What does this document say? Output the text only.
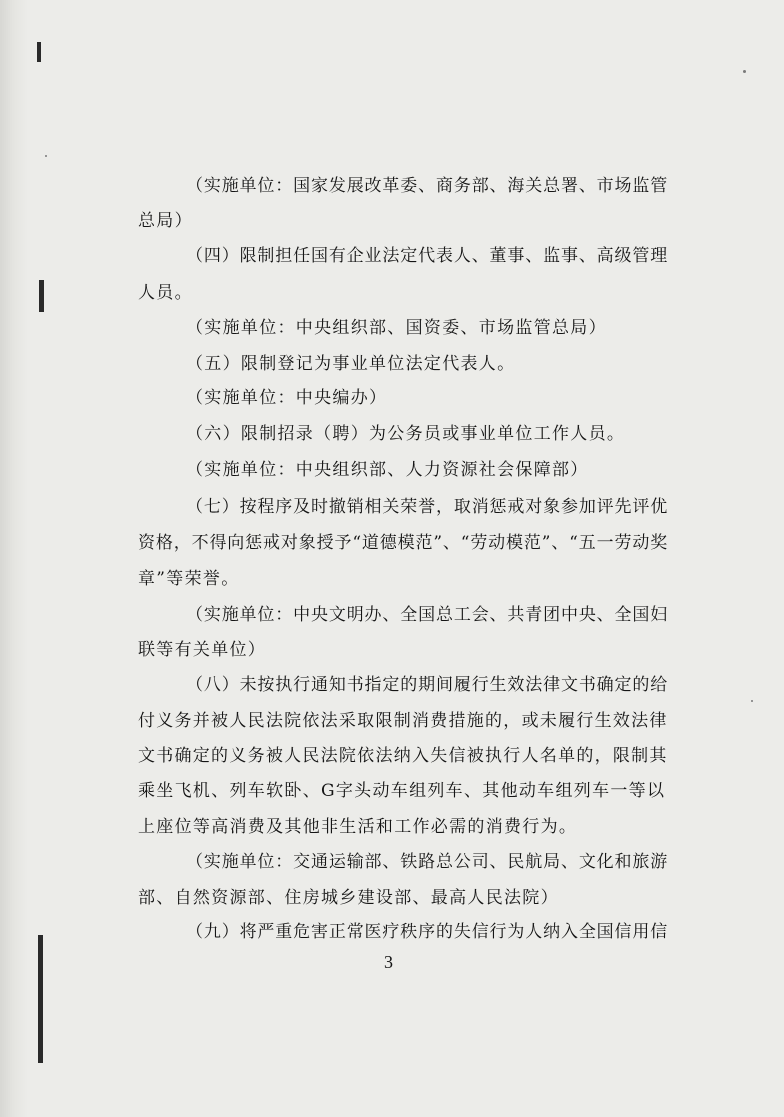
（实施单位：国家发展改革委、商务部、海关总署、市场监管
总局）
（四）限制担任国有企业法定代表人、董事、监事、高级管理
人员。
（实施单位：中央组织部、国资委、市场监管总局）
（五）限制登记为事业单位法定代表人。
（实施单位：中央编办）
（六）限制招录（聘）为公务员或事业单位工作人员。
（实施单位：中央组织部、人力资源社会保障部）
（七）按程序及时撤销相关荣誉，取消惩戒对象参加评先评优
资格，不得向惩戒对象授予“道德模范”、“劳动模范”、“五一劳动奖
章”等荣誉。
（实施单位：中央文明办、全国总工会、共青团中央、全国妇
联等有关单位）
（八）未按执行通知书指定的期间履行生效法律文书确定的给
付义务并被人民法院依法采取限制消费措施的，或未履行生效法律
文书确定的义务被人民法院依法纳入失信被执行人名单的，限制其
乘坐飞机、列车软卧、G字头动车组列车、其他动车组列车一等以
上座位等高消费及其他非生活和工作必需的消费行为。
（实施单位：交通运输部、铁路总公司、民航局、文化和旅游
部、自然资源部、住房城乡建设部、最高人民法院）
（九）将严重危害正常医疗秩序的失信行为人纳入全国信用信
3
